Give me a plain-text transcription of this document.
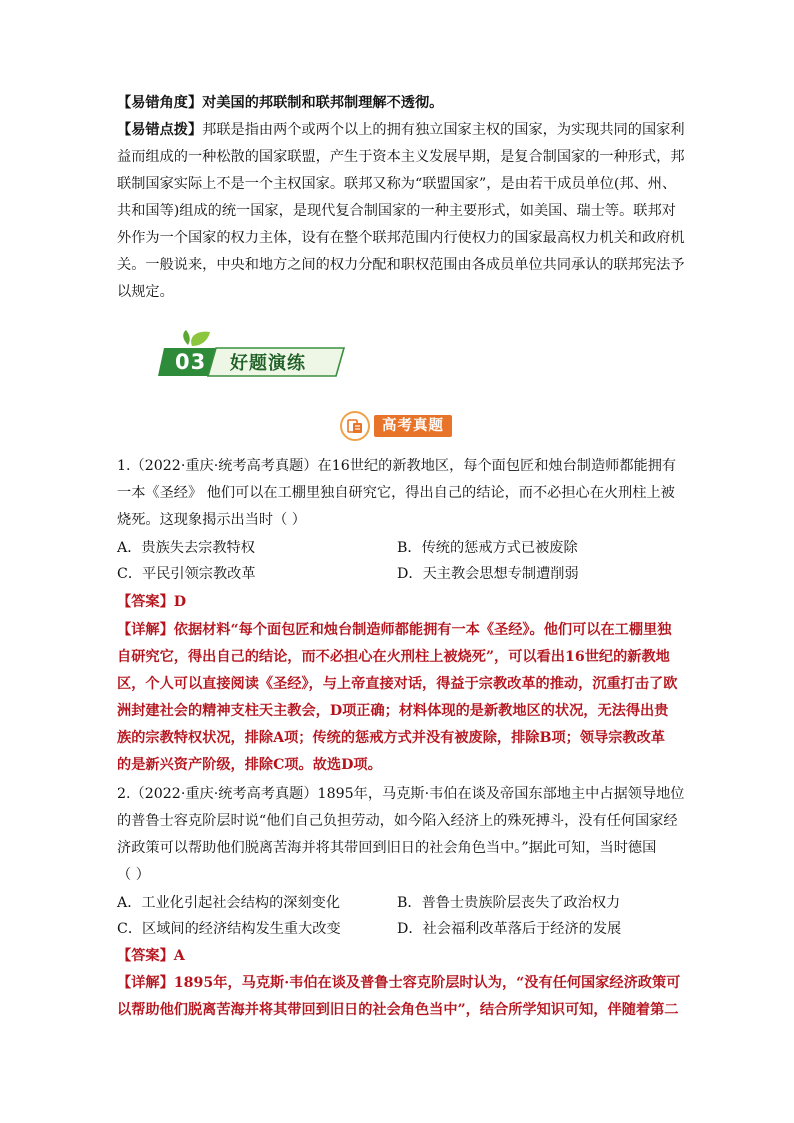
【易错角度】对美国的邦联制和联邦制理解不透彻。
【易错点拨】邦联是指由两个或两个以上的拥有独立国家主权的国家，为实现共同的国家利
益而组成的一种松散的国家联盟，产生于资本主义发展早期，是复合制国家的一种形式，邦
联制国家实际上不是一个主权国家。联邦又称为“联盟国家”，是由若干成员单位(邦、州、
共和国等)组成的统一国家，是现代复合制国家的一种主要形式，如美国、瑞士等。联邦对
外作为一个国家的权力主体，设有在整个联邦范围内行使权力的国家最高权力机关和政府机
关。一般说来，中央和地方之间的权力分配和职权范围由各成员单位共同承认的联邦宪法予
以规定。
03 好题演练
高考真题
1.（2022·重庆·统考高考真题）在16世纪的新教地区，每个面包匠和烛台制造师都能拥有
一本《圣经》 他们可以在工棚里独自研究它，得出自己的结论，而不必担心在火刑柱上被
烧死。这现象揭示出当时（ ）
A．贵族失去宗教特权	B．传统的惩戒方式已被废除
C．平民引领宗教改革	D．天主教会思想专制遭削弱
【答案】D
【详解】依据材料“每个面包匠和烛台制造师都能拥有一本《圣经》。他们可以在工棚里独
自研究它，得出自己的结论，而不必担心在火刑柱上被烧死”，可以看出16世纪的新教地
区，个人可以直接阅读《圣经》，与上帝直接对话，得益于宗教改革的推动，沉重打击了欧
洲封建社会的精神支柱天主教会，D项正确；材料体现的是新教地区的状况，无法得出贵
族的宗教特权状况，排除A项；传统的惩戒方式并没有被废除，排除B项；领导宗教改革
的是新兴资产阶级，排除C项。故选D项。
2.（2022·重庆·统考高考真题）1895年，马克斯·韦伯在谈及帝国东部地主中占据领导地位
的普鲁士容克阶层时说“他们自己负担劳动，如今陷入经济上的殊死搏斗，没有任何国家经
济政策可以帮助他们脱离苦海并将其带回到旧日的社会角色当中。”据此可知，当时德国
（ ）
A．工业化引起社会结构的深刻变化	B．普鲁士贵族阶层丧失了政治权力
C．区域间的经济结构发生重大改变	D．社会福利改革落后于经济的发展
【答案】A
【详解】1895年，马克斯·韦伯在谈及普鲁士容克阶层时认为，“没有任何国家经济政策可
以帮助他们脱离苦海并将其带回到旧日的社会角色当中”，结合所学知识可知，伴随着第二
